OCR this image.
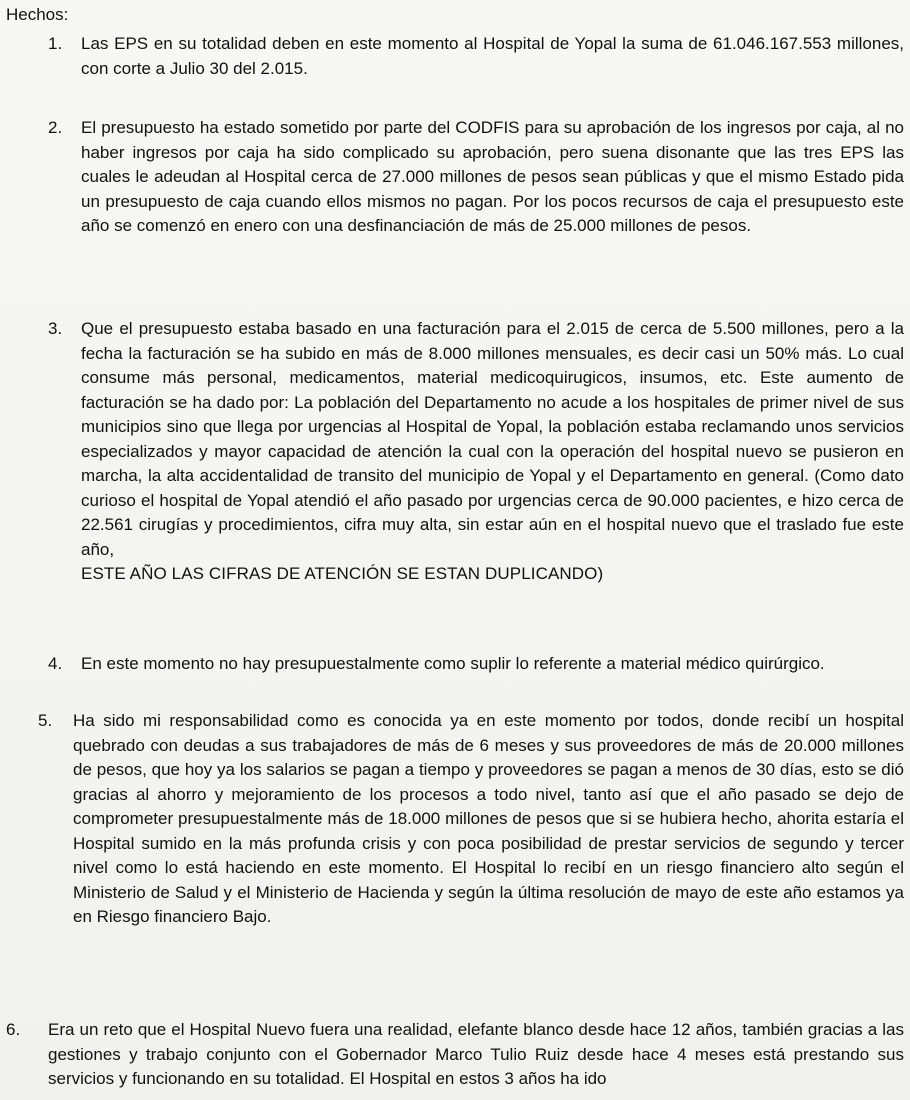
Hechos:
1. Las EPS en su totalidad deben en este momento al Hospital de Yopal la suma de 61.046.167.553 millones, con corte a Julio 30 del 2.015.
2. El presupuesto ha estado sometido por parte del CODFIS para su aprobación de los ingresos por caja, al no haber ingresos por caja ha sido complicado su aprobación, pero suena disonante que las tres EPS las cuales le adeudan al Hospital cerca de 27.000 millones de pesos sean públicas y que el mismo Estado pida un presupuesto de caja cuando ellos mismos no pagan. Por los pocos recursos de caja el presupuesto este año se comenzó en enero con una desfinanciación de más de 25.000 millones de pesos.
3. Que el presupuesto estaba basado en una facturación para el 2.015 de cerca de 5.500 millones, pero a la fecha la facturación se ha subido en más de 8.000 millones mensuales, es decir casi un 50% más. Lo cual consume más personal, medicamentos, material medicoquirugicos, insumos, etc. Este aumento de facturación se ha dado por: La población del Departamento no acude a los hospitales de primer nivel de sus municipios sino que llega por urgencias al Hospital de Yopal, la población estaba reclamando unos servicios especializados y mayor capacidad de atención la cual con la operación del hospital nuevo se pusieron en marcha, la alta accidentalidad de transito del municipio de Yopal y el Departamento en general. (Como dato curioso el hospital de Yopal atendió el año pasado por urgencias cerca de 90.000 pacientes, e hizo cerca de 22.561 cirugías y procedimientos, cifra muy alta, sin estar aún en el hospital nuevo que el traslado fue este año,
ESTE AÑO LAS CIFRAS DE ATENCIÓN SE ESTAN DUPLICANDO)
4. En este momento no hay presupuestalmente como suplir lo referente a material médico quirúrgico.
5. Ha sido mi responsabilidad como es conocida ya en este momento por todos, donde recibí un hospital quebrado con deudas a sus trabajadores de más de 6 meses y sus proveedores de más de 20.000 millones de pesos, que hoy ya los salarios se pagan a tiempo y proveedores se pagan a menos de 30 días, esto se dió gracias al ahorro y mejoramiento de los procesos a todo nivel, tanto así que el año pasado se dejo de comprometer presupuestalmente más de 18.000 millones de pesos que si se hubiera hecho, ahorita estaría el Hospital sumido en la más profunda crisis y con poca posibilidad de prestar servicios de segundo y tercer nivel como lo está haciendo en este momento. El Hospital lo recibí en un riesgo financiero alto según el Ministerio de Salud y el Ministerio de Hacienda y según la última resolución de mayo de este año estamos ya en Riesgo financiero Bajo.
6. Era un reto que el Hospital Nuevo fuera una realidad, elefante blanco desde hace 12 años, también gracias a las gestiones y trabajo conjunto con el Gobernador Marco Tulio Ruiz desde hace 4 meses está prestando sus servicios y funcionando en su totalidad. El Hospital en estos 3 años ha ido
